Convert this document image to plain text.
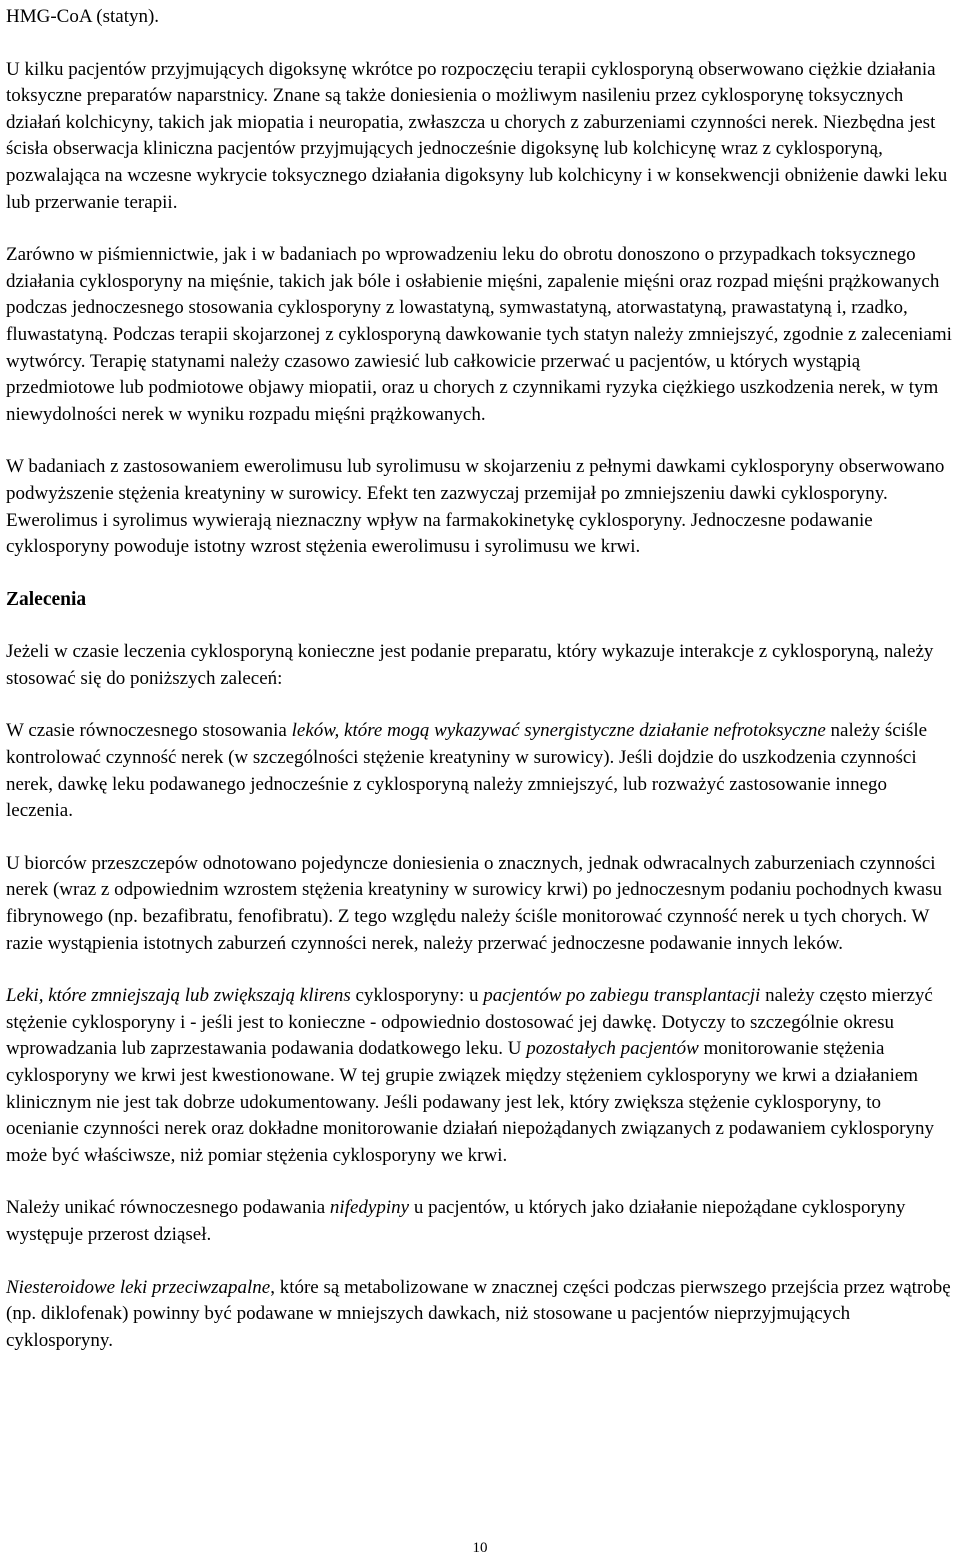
HMG-CoA (statyn).

U kilku pacjentów przyjmujących digoksynę wkrótce po rozpoczęciu terapii cyklosporyną obserwowano ciężkie działania toksyczne preparatów naparstnicy. Znane są także doniesienia o możliwym nasileniu przez cyklosporynę toksycznych działań kolchicyny, takich jak miopatia i neuropatia, zwłaszcza u chorych z zaburzeniami czynności nerek. Niezbędna jest ścisła obserwacja kliniczna pacjentów przyjmujących jednocześnie digoksynę lub kolchicynę wraz z cyklosporyną, pozwalająca na wczesne wykrycie toksycznego działania digoksyny lub kolchicyny i w konsekwencji obniżenie dawki leku lub przerwanie terapii.

Zarówno w piśmiennictwie, jak i w badaniach po wprowadzeniu leku do obrotu donoszono o przypadkach toksycznego działania cyklosporyny na mięśnie, takich jak bóle i osłabienie mięśni, zapalenie mięśni oraz rozpad mięśni prążkowanych podczas jednoczesnego stosowania cyklosporyny z lowastatyną, symwastatyną, atorwastatyną, prawastatyną i, rzadko, fluwastatyną. Podczas terapii skojarzonej z cyklosporyną dawkowanie tych statyn należy zmniejszyć, zgodnie z zaleceniami wytwórcy. Terapię statynami należy czasowo zawiesić lub całkowicie przerwać u pacjentów, u których wystąpią przedmiotowe lub podmiotowe objawy miopatii, oraz u chorych z czynnikami ryzyka ciężkiego uszkodzenia nerek, w tym niewydolności nerek w wyniku rozpadu mięśni prążkowanych.

W badaniach z zastosowaniem ewerolimusu lub syrolimusu w skojarzeniu z pełnymi dawkami cyklosporyny obserwowano podwyższenie stężenia kreatyniny w surowicy. Efekt ten zazwyczaj przemijał po zmniejszeniu dawki cyklosporyny. Ewerolimus i syrolimus wywierają nieznaczny wpływ na farmakokinetykę cyklosporyny. Jednoczesne podawanie cyklosporyny powoduje istotny wzrost stężenia ewerolimusu i syrolimusu we krwi.

Zalecenia

Jeżeli w czasie leczenia cyklosporyną konieczne jest podanie preparatu, który wykazuje interakcje z cyklosporyną, należy stosować się do poniższych zaleceń:

W czasie równoczesnego stosowania leków, które mogą wykazywać synergistyczne działanie nefrotoksyczne należy ściśle kontrolować czynność nerek (w szczególności stężenie kreatyniny w surowicy). Jeśli dojdzie do uszkodzenia czynności nerek, dawkę leku podawanego jednocześnie z cyklosporyną należy zmniejszyć, lub rozważyć zastosowanie innego leczenia.

U biorców przeszczepów odnotowano pojedyncze doniesienia o znacznych, jednak odwracalnych zaburzeniach czynności nerek (wraz z odpowiednim wzrostem stężenia kreatyniny w surowicy krwi) po jednoczesnym podaniu pochodnych kwasu fibrynowego (np. bezafibratu, fenofibratu). Z tego względu należy ściśle monitorować czynność nerek u tych chorych. W razie wystąpienia istotnych zaburzeń czynności nerek, należy przerwać jednoczesne podawanie innych leków.

Leki, które zmniejszają lub zwiększają klirens cyklosporyny: u pacjentów po zabiegu transplantacji należy często mierzyć stężenie cyklosporyny i - jeśli jest to konieczne - odpowiednio dostosować jej dawkę. Dotyczy to szczególnie okresu wprowadzania lub zaprzestawania podawania dodatkowego leku. U pozostałych pacjentów monitorowanie stężenia cyklosporyny we krwi jest kwestionowane. W tej grupie związek między stężeniem cyklosporyny we krwi a działaniem klinicznym nie jest tak dobrze udokumentowany. Jeśli podawany jest lek, który zwiększa stężenie cyklosporyny, to ocenianie czynności nerek oraz dokładne monitorowanie działań niepożądanych związanych z podawaniem cyklosporyny może być właściwsze, niż pomiar stężenia cyklosporyny we krwi.

Należy unikać równoczesnego podawania nifedypiny u pacjentów, u których jako działanie niepożądane cyklosporyny występuje przerost dziąseł.

Niesteroidowe leki przeciwzapalne, które są metabolizowane w znacznej części podczas pierwszego przejścia przez wątrobę (np. diklofenak) powinny być podawane w mniejszych dawkach, niż stosowane u pacjentów nieprzyjmujących cyklosporyny.

10
